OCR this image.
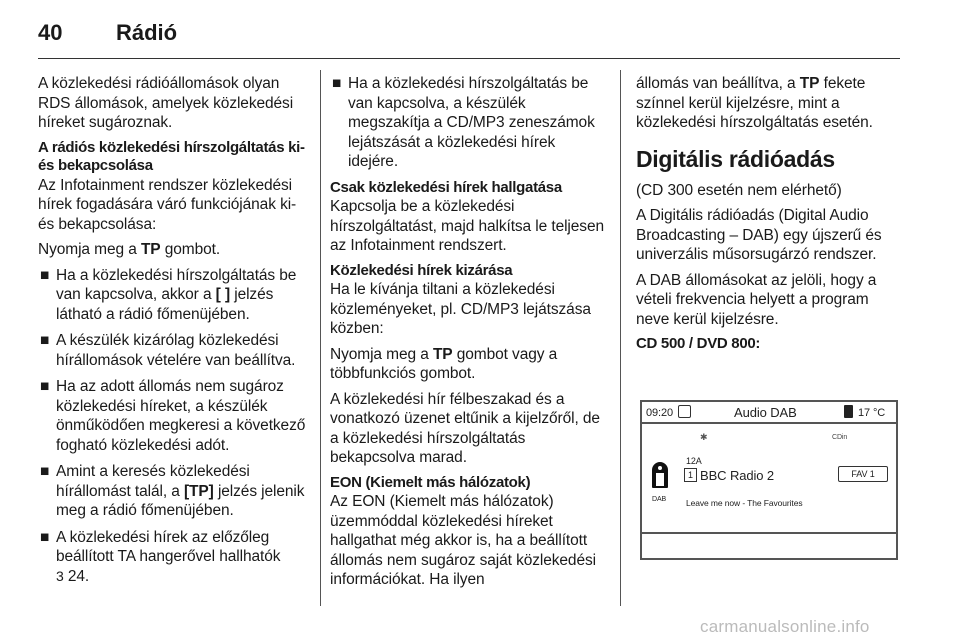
40 Rádió

A közlekedési rádióállomások olyan RDS állomások, amelyek közlekedési híreket sugároznak.

A rádiós közlekedési hírszolgáltatás ki- és bekapcsolása

Az Infotainment rendszer közlekedési hírek fogadására váró funkciójának ki- és bekapcsolása:

Nyomja meg a TP gombot.

■ Ha a közlekedési hírszolgáltatás be van kapcsolva, akkor a [ ] jelzés látható a rádió főmenüjében.
■ A készülék kizárólag közlekedési hírállomások vételére van beállítva.
■ Ha az adott állomás nem sugároz közlekedési híreket, a készülék önműködően megkeresi a következő fogható közlekedési adót.
■ Amint a keresés közlekedési hírállomást talál, a [TP] jelzés jelenik meg a rádió főmenüjében.
■ A közlekedési hírek az előzőleg beállított TA hangerővel hallhatók
3 24.
■ Ha a közlekedési hírszolgáltatás be van kapcsolva, a készülék megszakítja a CD/MP3 zeneszámok lejátszását a közlekedési hírek idejére.
Csak közlekedési hírek hallgatása

Kapcsolja be a közlekedési hírszolgáltatást, majd halkítsa le teljesen az Infotainment rendszert.

Közlekedési hírek kizárása

Ha le kívánja tiltani a közlekedési közleményeket, pl. CD/MP3 lejátszása közben:

Nyomja meg a TP gombot vagy a többfunkciós gombot.

A közlekedési hír félbeszakad és a vonatkozó üzenet eltűnik a kijelzőről, de a közlekedési hírszolgáltatás bekapcsolva marad.

EON (Kiemelt más hálózatok)

Az EON (Kiemelt más hálózatok) üzemmóddal közlekedési híreket hallgathat még akkor is, ha a beállított állomás nem sugároz saját közlekedési információkat. Ha ilyen

állomás van beállítva, a TP fekete színnel kerül kijelzésre, mint a közlekedési hírszolgáltatás esetén.

Digitális rádióadás

(CD 300 esetén nem elérhető)

A Digitális rádióadás (Digital Audio Broadcasting – DAB) egy újszerű és univerzális műsorsugárzó rendszer.

A DAB állomásokat az jelöli, hogy a vételi frekvencia helyett a program neve kerül kijelzésre.

CD 500 / DVD 800:
09:20	Audio DAB	17 °C
✱	CDin
12A
DAB
1 BBC Radio 2	FAV 1
Leave me now - The Favourites
carmanualsonline.info
